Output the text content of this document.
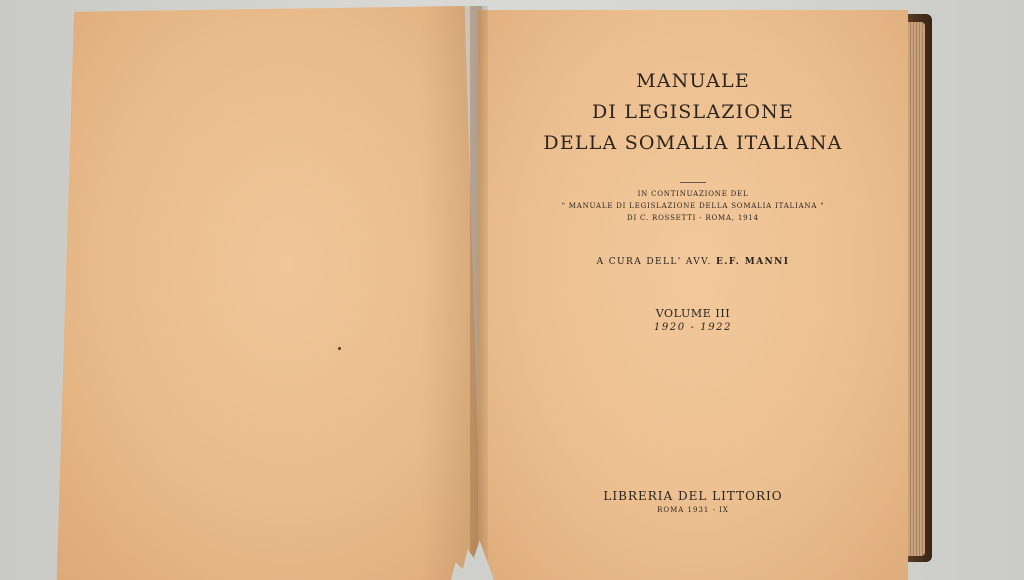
MANUALE
DI LEGISLAZIONE
DELLA SOMALIA ITALIANA
IN CONTINUAZIONE DEL
" MANUALE DI LEGISLAZIONE DELLA SOMALIA ITALIANA "
DI C. ROSSETTI - ROMA, 1914
A CURA DELL' AVV. E.F. MANNI
VOLUME III
1920 - 1922
LIBRERIA DEL LITTORIO
ROMA 1931 - IX
